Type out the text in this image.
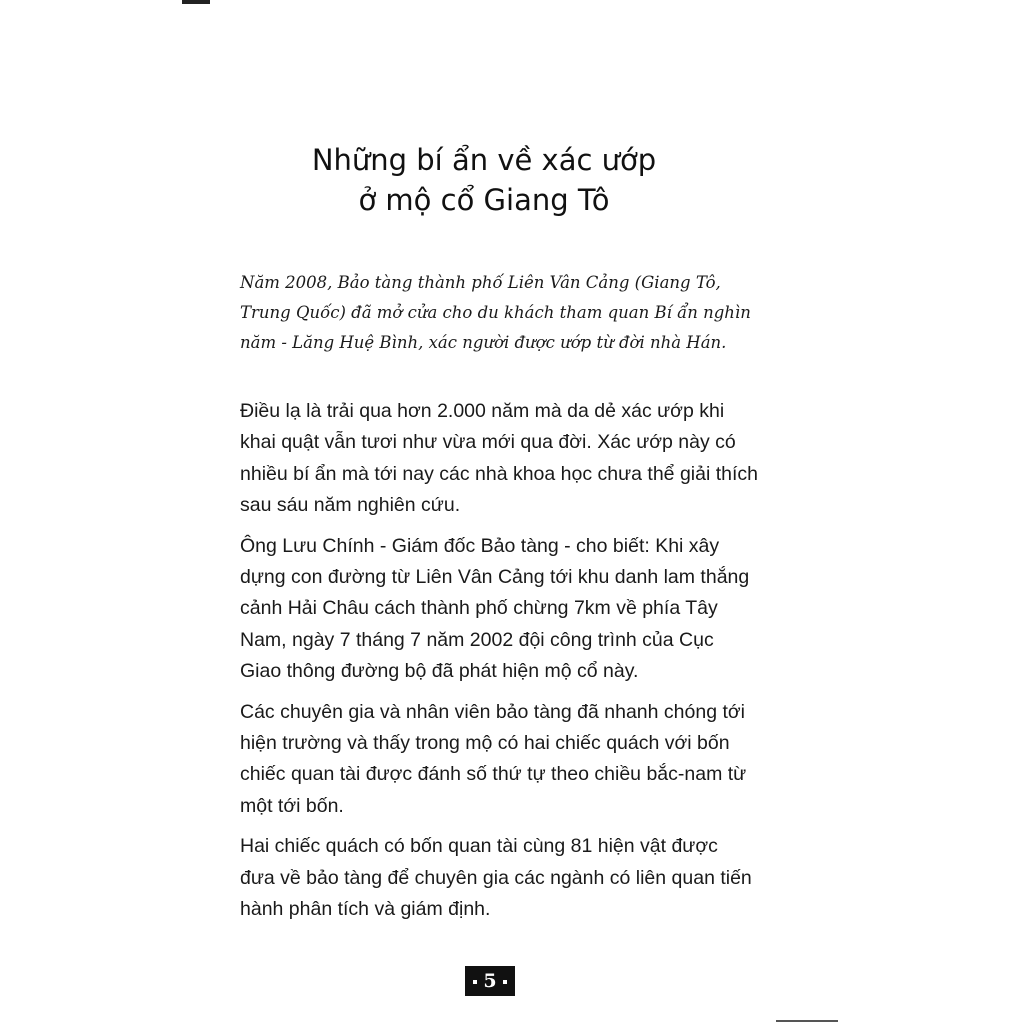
Những bí ẩn về xác ướp
ở mộ cổ Giang Tô

Năm 2008, Bảo tàng thành phố Liên Vân Cảng (Giang Tô, Trung Quốc) đã mở cửa cho du khách tham quan Bí ẩn nghìn năm - Lăng Huệ Bình, xác người được ướp từ đời nhà Hán.

Điều lạ là trải qua hơn 2.000 năm mà da dẻ xác ướp khi khai quật vẫn tươi như vừa mới qua đời. Xác ướp này có nhiều bí ẩn mà tới nay các nhà khoa học chưa thể giải thích sau sáu năm nghiên cứu.

Ông Lưu Chính - Giám đốc Bảo tàng - cho biết: Khi xây dựng con đường từ Liên Vân Cảng tới khu danh lam thắng cảnh Hải Châu cách thành phố chừng 7km về phía Tây Nam, ngày 7 tháng 7 năm 2002 đội công trình của Cục Giao thông đường bộ đã phát hiện mộ cổ này.

Các chuyên gia và nhân viên bảo tàng đã nhanh chóng tới hiện trường và thấy trong mộ có hai chiếc quách với bốn chiếc quan tài được đánh số thứ tự theo chiều bắc-nam từ một tới bốn.

Hai chiếc quách có bốn quan tài cùng 81 hiện vật được đưa về bảo tàng để chuyên gia các ngành có liên quan tiến hành phân tích và giám định.

5
